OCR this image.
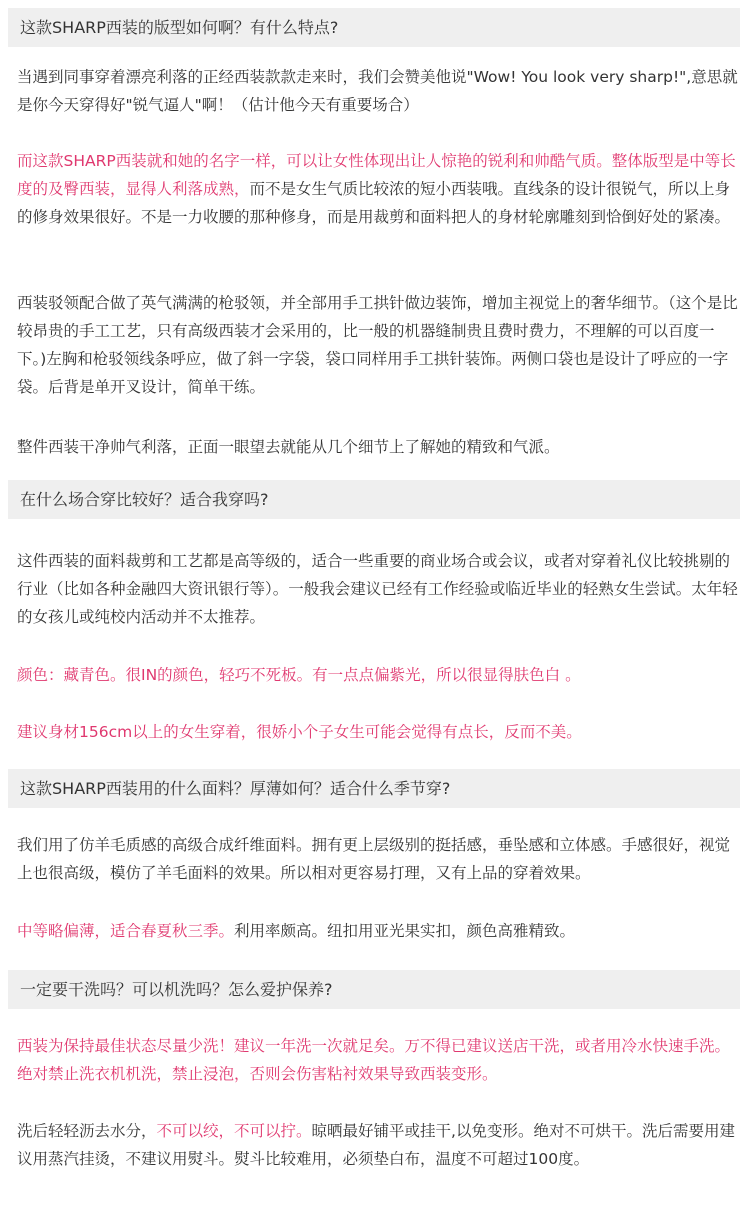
这款SHARP西装的版型如何啊？有什么特点?

当遇到同事穿着漂亮利落的正经西装款款走来时，我们会赞美他说"Wow! You look very sharp!",意思就是你今天穿得好"锐气逼人"啊！（估计他今天有重要场合）

而这款SHARP西装就和她的名字一样，可以让女性体现出让人惊艳的锐利和帅酷气质。整体版型是中等长度的及臀西装，显得人利落成熟，而不是女生气质比较浓的短小西装哦。直线条的设计很锐气，所以上身的修身效果很好。不是一力收腰的那种修身，而是用裁剪和面料把人的身材轮廓雕刻到恰倒好处的紧凑。

西装驳领配合做了英气满满的枪驳领，并全部用手工拱针做边装饰，增加主视觉上的奢华细节。（这个是比较昂贵的手工工艺，只有高级西装才会采用的，比一般的机器缝制贵且费时费力，不理解的可以百度一下。)左胸和枪驳领线条呼应，做了斜一字袋，袋口同样用手工拱针装饰。两侧口袋也是设计了呼应的一字袋。后背是单开叉设计，简单干练。

整件西装干净帅气利落，正面一眼望去就能从几个细节上了解她的精致和气派。

在什么场合穿比较好？适合我穿吗?

这件西装的面料裁剪和工艺都是高等级的，适合一些重要的商业场合或会议，或者对穿着礼仪比较挑剔的行业（比如各种金融四大资讯银行等）。一般我会建议已经有工作经验或临近毕业的轻熟女生尝试。太年轻的女孩儿或纯校内活动并不太推荐。

颜色：藏青色。很IN的颜色，轻巧不死板。有一点点偏紫光，所以很显得肤色白 。

建议身材156cm以上的女生穿着，很娇小个子女生可能会觉得有点长，反而不美。

这款SHARP西装用的什么面料？厚薄如何？适合什么季节穿?

我们用了仿羊毛质感的高级合成纤维面料。拥有更上层级别的挺括感，垂坠感和立体感。手感很好，视觉上也很高级，模仿了羊毛面料的效果。所以相对更容易打理，又有上品的穿着效果。

中等略偏薄，适合春夏秋三季。利用率颇高。纽扣用亚光果实扣，颜色高雅精致。

一定要干洗吗？可以机洗吗？怎么爱护保养?

西装为保持最佳状态尽量少洗！建议一年洗一次就足矣。万不得已建议送店干洗，或者用冷水快速手洗。绝对禁止洗衣机机洗，禁止浸泡，否则会伤害粘衬效果导致西装变形。

洗后轻轻沥去水分，不可以绞，不可以拧。晾晒最好铺平或挂干,以免变形。绝对不可烘干。洗后需要用建议用蒸汽挂烫，不建议用熨斗。熨斗比较难用，必须垫白布，温度不可超过100度。
